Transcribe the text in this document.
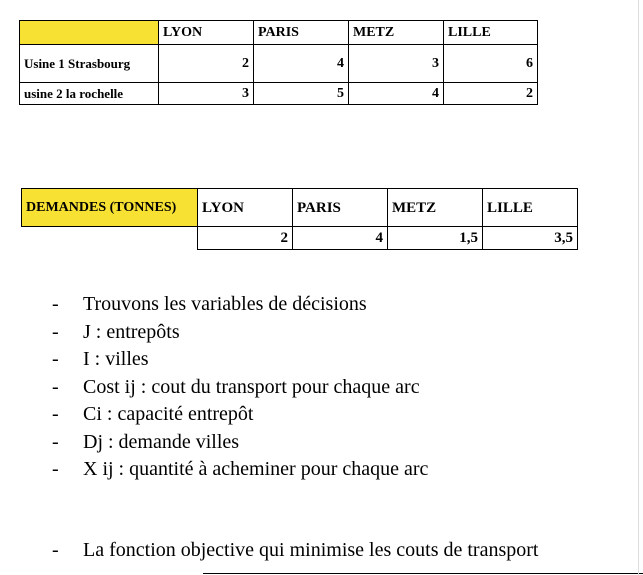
	LYON	PARIS	METZ	LILLE
Usine 1 Strasbourg	2	4	3	6
usine 2 la rochelle	3	5	4	2
DEMANDES (TONNES)	LYON	PARIS	METZ	LILLE
	2	4	1,5	3,5
- Trouvons les variables de décisions
- J : entrepôts
- I : villes
- Cost ij : cout du transport pour chaque arc
- Ci : capacité entrepôt
- Dj : demande villes
- X ij : quantité à acheminer pour chaque arc
- La fonction objective qui minimise les couts de transport
